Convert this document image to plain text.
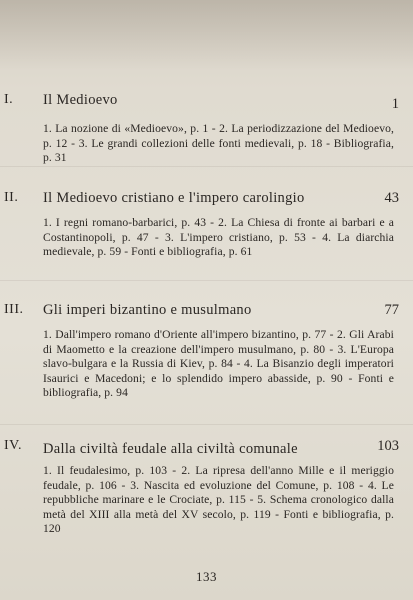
I. Il Medioevo	1
1. La nozione di «Medioevo», p. 1 - 2. La periodizzazione del Medioevo, p. 12 - 3. Le grandi collezioni delle fonti medievali, p. 18 - Bibliografia, p. 31
II. Il Medioevo cristiano e l'impero carolingio	43
1. I regni romano-barbarici, p. 43 - 2. La Chiesa di fronte ai barbari e a Costantinopoli, p. 47 - 3. L'impero cristiano, p. 53 - 4. La diarchia medievale, p. 59 - Fonti e bibliografia, p. 61
III. Gli imperi bizantino e musulmano	77
1. Dall'impero romano d'Oriente all'impero bizantino, p. 77 - 2. Gli Arabi di Maometto e la creazione dell'impero musulmano, p. 80 - 3. L'Europa slavo-bulgara e la Russia di Kiev, p. 84 - 4. La Bisanzio degli imperatori Isaurici e Macedoni; e lo splendido impero abasside, p. 90 - Fonti e bibliografia, p. 94
IV. Dalla civiltà feudale alla civiltà comunale	103
1. Il feudalesimo, p. 103 - 2. La ripresa dell'anno Mille e il meriggio feudale, p. 106 - 3. Nascita ed evoluzione del Comune, p. 108 - 4. Le repubbliche marinare e le Crociate, p. 115 - 5. Schema cronologico dalla metà del XIII alla metà del XV secolo, p. 119 - Fonti e bibliografia, p. 120
133
